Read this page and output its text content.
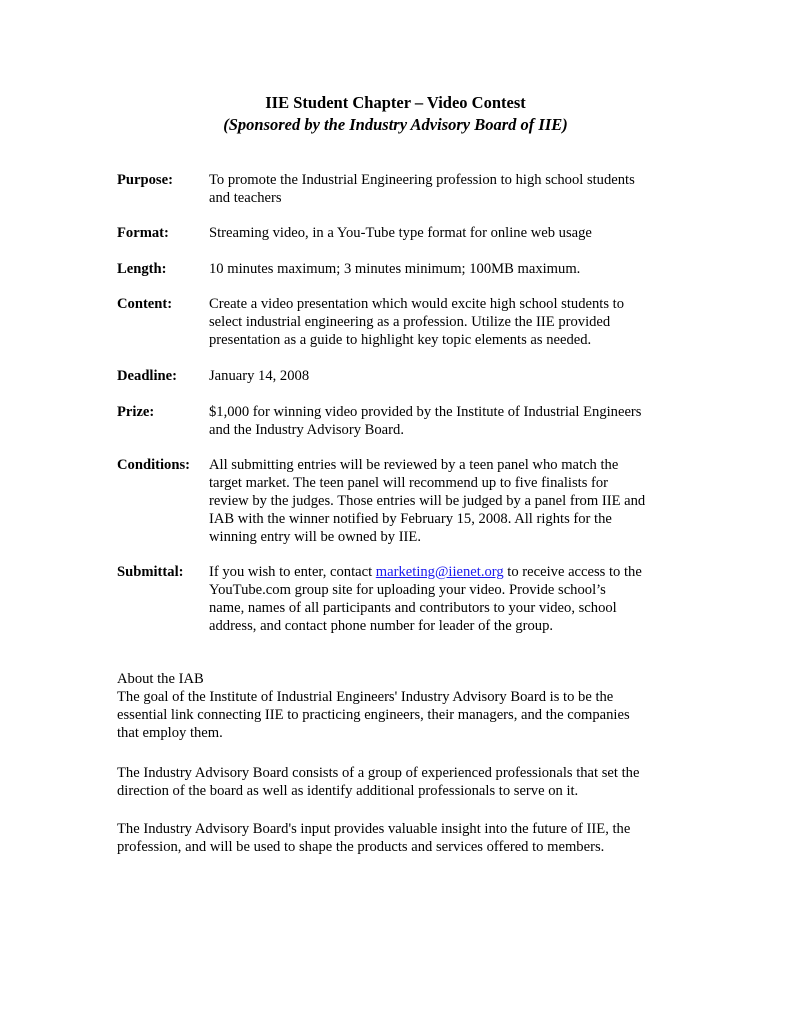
IIE Student Chapter – Video Contest
(Sponsored by the Industry Advisory Board of IIE)
Purpose: To promote the Industrial Engineering profession to high school students
and teachers
Format:	Streaming video, in a You-Tube type format for online web usage
Length:	10 minutes maximum; 3 minutes minimum; 100MB maximum.
Content:	Create a video presentation which would excite high school students to
select industrial engineering as a profession. Utilize the IIE provided
presentation as a guide to highlight key topic elements as needed.
Deadline: January 14, 2008
Prize:	$1,000 for winning video provided by the Institute of Industrial Engineers
and the Industry Advisory Board.
Conditions: All submitting entries will be reviewed by a teen panel who match the
target market. The teen panel will recommend up to five finalists for
review by the judges. Those entries will be judged by a panel from IIE and
IAB with the winner notified by February 15, 2008. All rights for the
winning entry will be owned by IIE.
Submittal: If you wish to enter, contact marketing@iienet.org to receive access to the
YouTube.com group site for uploading your video. Provide school’s
name, names of all participants and contributors to your video, school
address, and contact phone number for leader of the group.
About the IAB
The goal of the Institute of Industrial Engineers' Industry Advisory Board is to be the
essential link connecting IIE to practicing engineers, their managers, and the companies
that employ them.
The Industry Advisory Board consists of a group of experienced professionals that set the
direction of the board as well as identify additional professionals to serve on it.
The Industry Advisory Board's input provides valuable insight into the future of IIE, the
profession, and will be used to shape the products and services offered to members.
